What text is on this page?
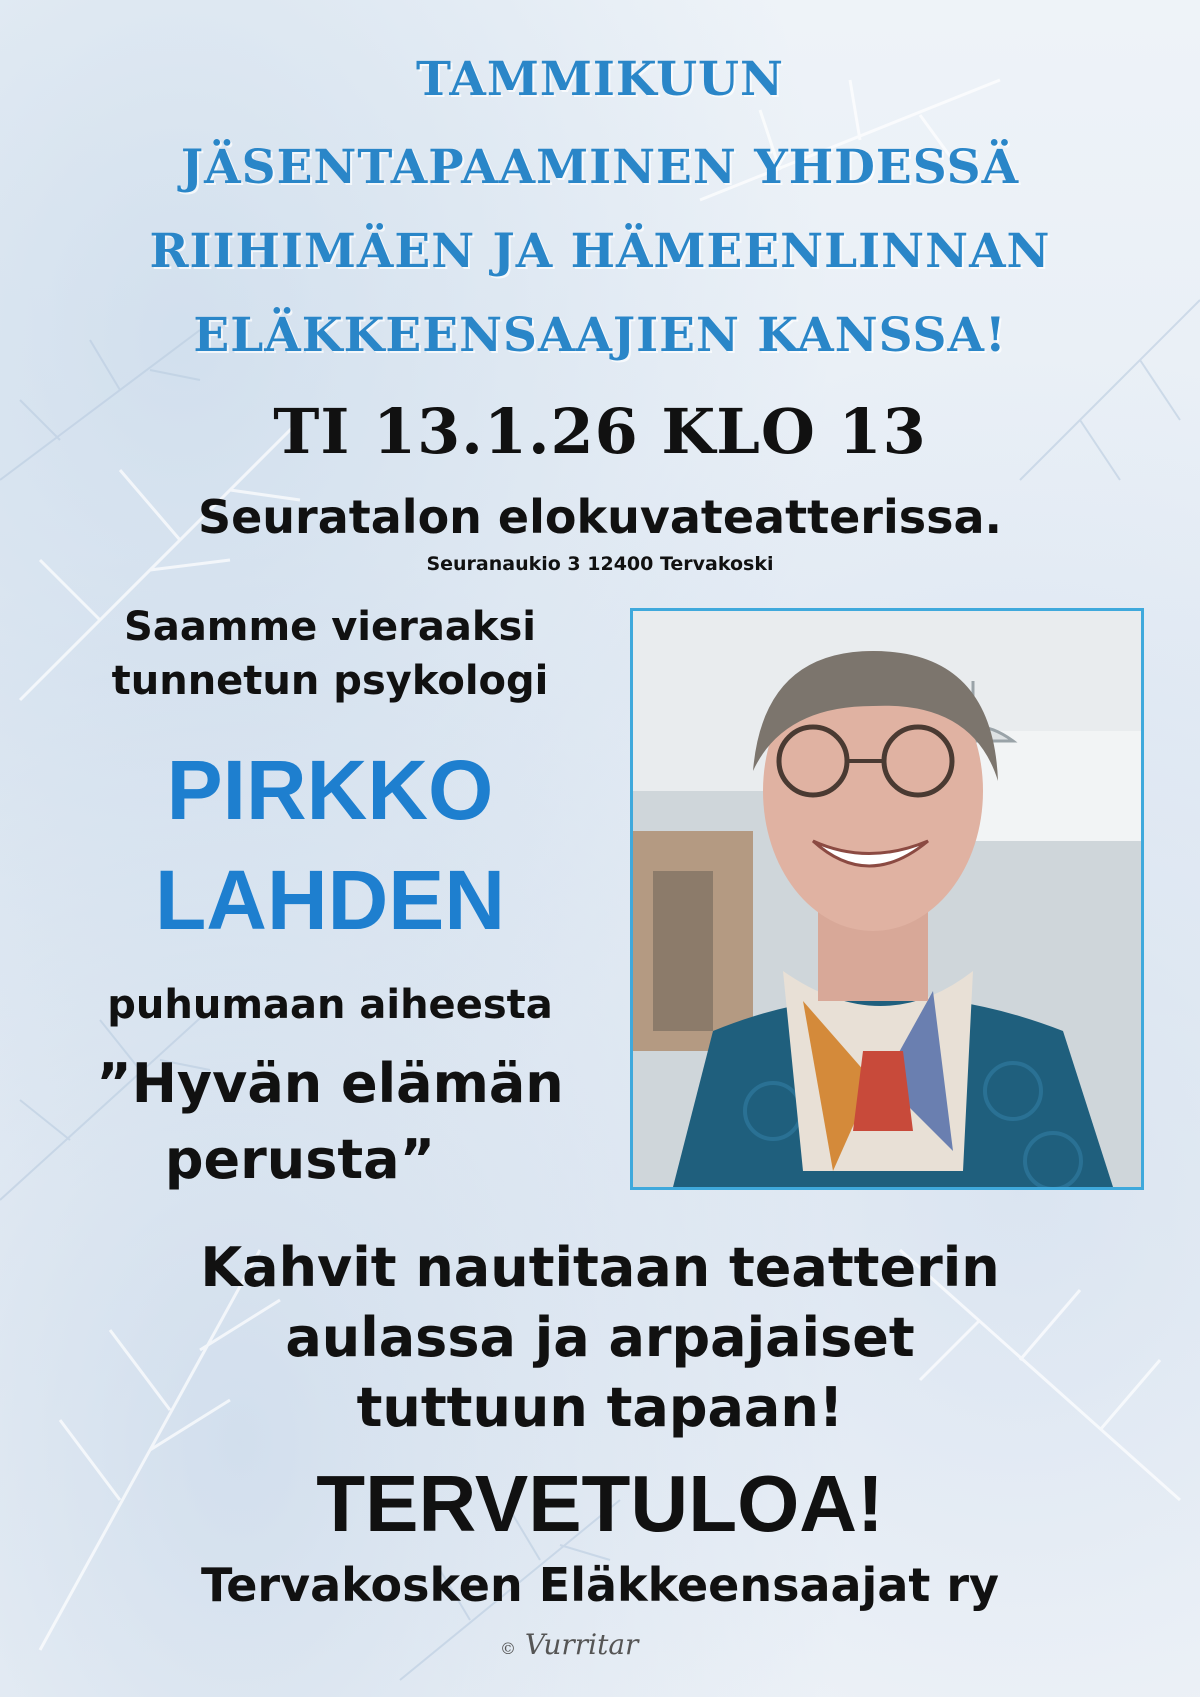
TAMMIKUUN
JÄSENTAPAAMINEN YHDESSÄ
RIIHIMÄEN JA HÄMEENLINNAN
ELÄKKEENSAAJIEN KANSSA!
TI 13.1.26 KLO 13
Seuratalon elokuvateatterissa.
Seuranaukio 3 12400 Tervakoski
Saamme vieraaksi
tunnetun psykologi
PIRKKO
LAHDEN
puhumaan aiheesta
”Hyvän elämän
perusta”
Kahvit nautitaan teatterin
aulassa ja arpajaiset
tuttuun tapaan!
TERVETULOA!
Tervakosken Eläkkeensaajat ry
© Vurritar
